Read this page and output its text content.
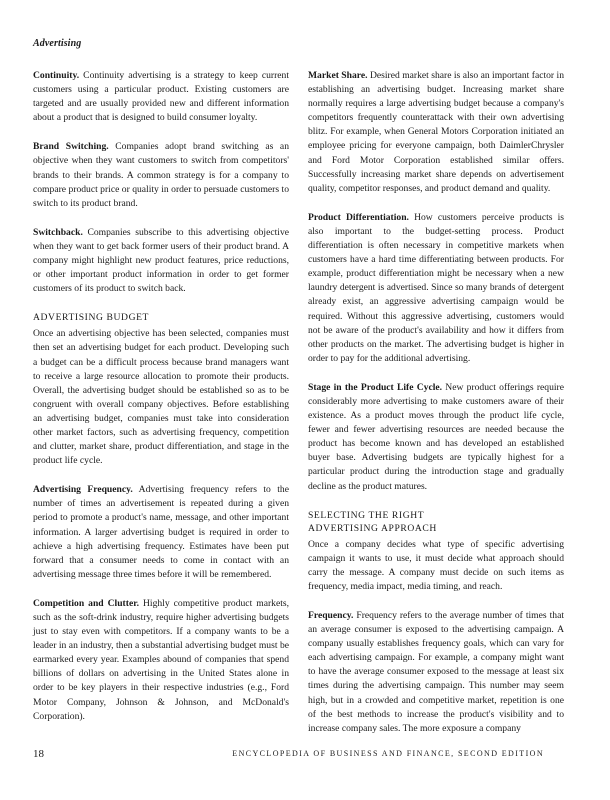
Advertising

Continuity. Continuity advertising is a strategy to keep current customers using a particular product. Existing customers are targeted and are usually provided new and different information about a product that is designed to build consumer loyalty.

Brand Switching. Companies adopt brand switching as an objective when they want customers to switch from competitors' brands to their brands. A common strategy is for a company to compare product price or quality in order to persuade customers to switch to its product brand.

Switchback. Companies subscribe to this advertising objective when they want to get back former users of their product brand. A company might highlight new product features, price reductions, or other important product information in order to get former customers of its product to switch back.

ADVERTISING BUDGET

Once an advertising objective has been selected, companies must then set an advertising budget for each product. Developing such a budget can be a difficult process because brand managers want to receive a large resource allocation to promote their products. Overall, the advertising budget should be established so as to be congruent with overall company objectives. Before establishing an advertising budget, companies must take into consideration other market factors, such as advertising frequency, competition and clutter, market share, product differentiation, and stage in the product life cycle.

Advertising Frequency. Advertising frequency refers to the number of times an advertisement is repeated during a given period to promote a product's name, message, and other important information. A larger advertising budget is required in order to achieve a high advertising frequency. Estimates have been put forward that a consumer needs to come in contact with an advertising message three times before it will be remembered.

Competition and Clutter. Highly competitive product markets, such as the soft-drink industry, require higher advertising budgets just to stay even with competitors. If a company wants to be a leader in an industry, then a substantial advertising budget must be earmarked every year. Examples abound of companies that spend billions of dollars on advertising in the United States alone in order to be key players in their respective industries (e.g., Ford Motor Company, Johnson & Johnson, and McDonald's Corporation).

Market Share. Desired market share is also an important factor in establishing an advertising budget. Increasing market share normally requires a large advertising budget because a company's competitors frequently counterattack with their own advertising blitz. For example, when General Motors Corporation initiated an employee pricing for everyone campaign, both DaimlerChrysler and Ford Motor Corporation established similar offers. Successfully increasing market share depends on advertisement quality, competitor responses, and product demand and quality.

Product Differentiation. How customers perceive products is also important to the budget-setting process. Product differentiation is often necessary in competitive markets when customers have a hard time differentiating between products. For example, product differentiation might be necessary when a new laundry detergent is advertised. Since so many brands of detergent already exist, an aggressive advertising campaign would be required. Without this aggressive advertising, customers would not be aware of the product's availability and how it differs from other products on the market. The advertising budget is higher in order to pay for the additional advertising.

Stage in the Product Life Cycle. New product offerings require considerably more advertising to make customers aware of their existence. As a product moves through the product life cycle, fewer and fewer advertising resources are needed because the product has become known and has developed an established buyer base. Advertising budgets are typically highest for a particular product during the introduction stage and gradually decline as the product matures.

SELECTING THE RIGHT
ADVERTISING APPROACH

Once a company decides what type of specific advertising campaign it wants to use, it must decide what approach should carry the message. A company must decide on such items as frequency, media impact, media timing, and reach.

Frequency. Frequency refers to the average number of times that an average consumer is exposed to the advertising campaign. A company usually establishes frequency goals, which can vary for each advertising campaign. For example, a company might want to have the average consumer exposed to the message at least six times during the advertising campaign. This number may seem high, but in a crowded and competitive market, repetition is one of the best methods to increase the product's visibility and to increase company sales. The more exposure a company

18	ENCYCLOPEDIA OF BUSINESS AND FINANCE, SECOND EDITION
